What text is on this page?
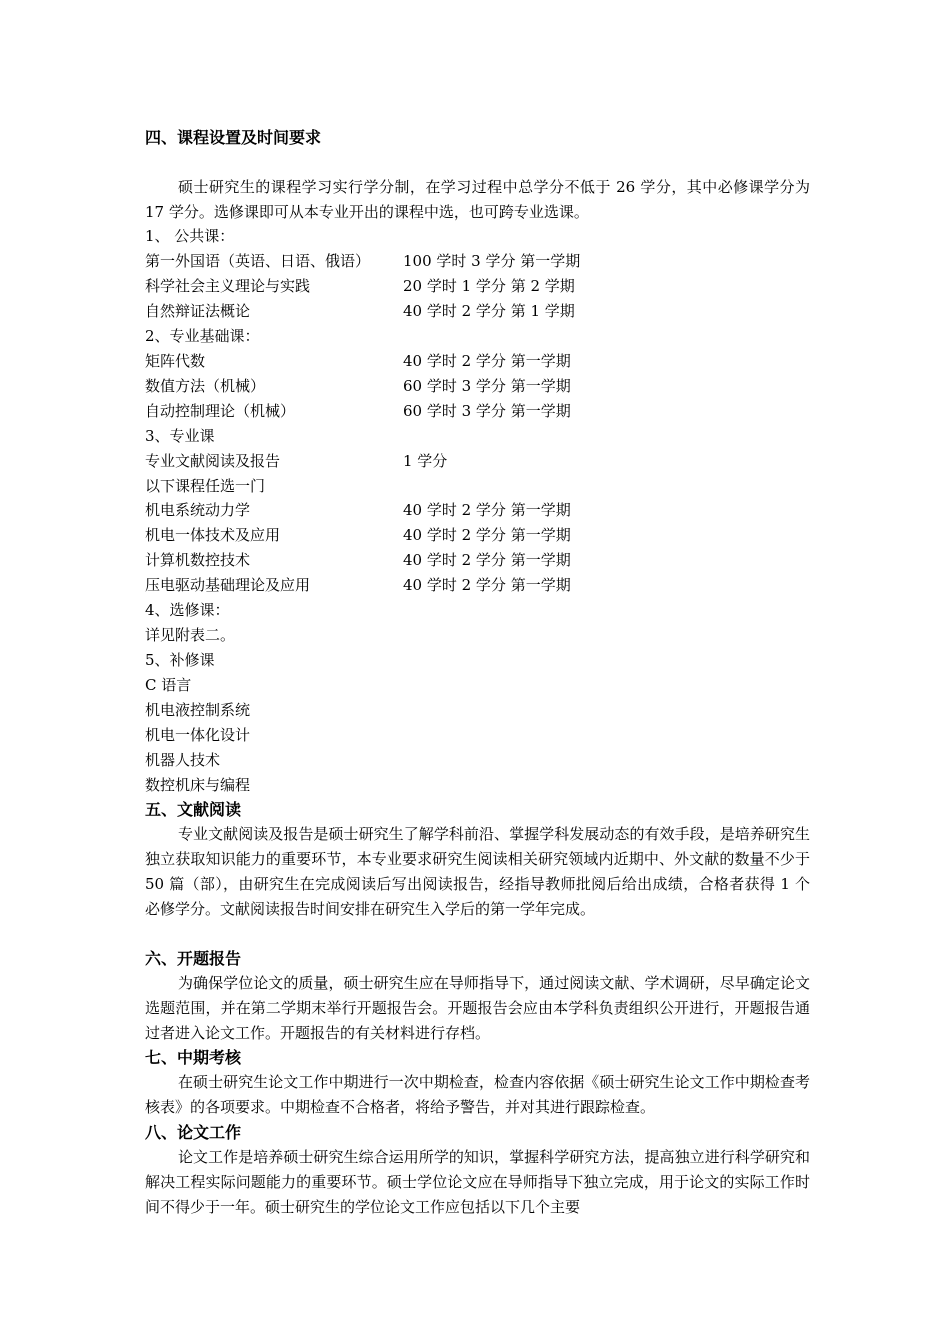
四、课程设置及时间要求
硕士研究生的课程学习实行学分制，在学习过程中总学分不低于 26 学分，其中必修课学分为 17 学分。选修课即可从本专业开出的课程中选，也可跨专业选课。
1、 公共课：
第一外国语（英语、日语、俄语） 100 学时 3 学分 第一学期
科学社会主义理论与实践	20 学时 1 学分 第 2 学期
自然辩证法概论	40 学时 2 学分 第 1 学期
2、专业基础课：
矩阵代数	40 学时 2 学分 第一学期
数值方法（机械）	60 学时 3 学分 第一学期
自动控制理论（机械）	60 学时 3 学分 第一学期
3、专业课
专业文献阅读及报告	1 学分
以下课程任选一门
机电系统动力学	40 学时 2 学分 第一学期
机电一体技术及应用	40 学时 2 学分 第一学期
计算机数控技术	40 学时 2 学分 第一学期
压电驱动基础理论及应用	40 学时 2 学分 第一学期
4、选修课：
详见附表二。
5、补修课
C 语言
机电液控制系统
机电一体化设计
机器人技术
数控机床与编程
五、文献阅读
专业文献阅读及报告是硕士研究生了解学科前沿、掌握学科发展动态的有效手段，是培养研究生独立获取知识能力的重要环节，本专业要求研究生阅读相关研究领域内近期中、外文献的数量不少于 50 篇（部），由研究生在完成阅读后写出阅读报告，经指导教师批阅后给出成绩，合格者获得 1 个必修学分。文献阅读报告时间安排在研究生入学后的第一学年完成。
六、开题报告
为确保学位论文的质量，硕士研究生应在导师指导下，通过阅读文献、学术调研，尽早确定论文选题范围，并在第二学期末举行开题报告会。开题报告会应由本学科负责组织公开进行，开题报告通过者进入论文工作。开题报告的有关材料进行存档。
七、中期考核
在硕士研究生论文工作中期进行一次中期检查，检查内容依据《硕士研究生论文工作中期检查考核表》的各项要求。中期检查不合格者，将给予警告，并对其进行跟踪检查。
八、论文工作
论文工作是培养硕士研究生综合运用所学的知识，掌握科学研究方法，提高独立进行科学研究和解决工程实际问题能力的重要环节。硕士学位论文应在导师指导下独立完成，用于论文的实际工作时间不得少于一年。硕士研究生的学位论文工作应包括以下几个主要
